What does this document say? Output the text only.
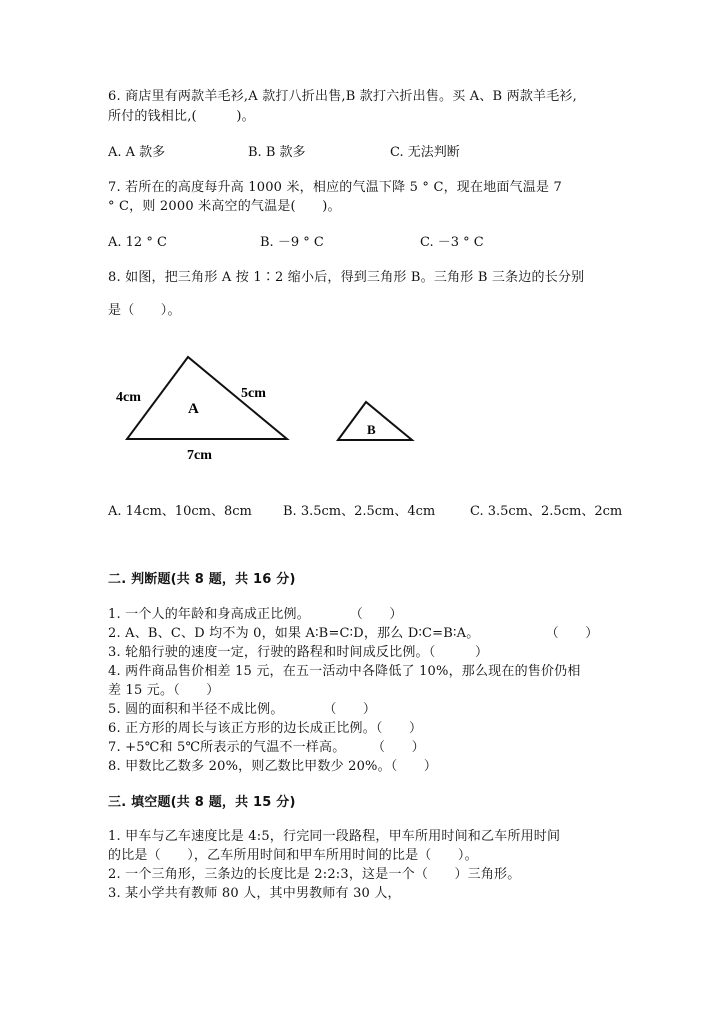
6. 商店里有两款羊毛衫,A 款打八折出售,B 款打六折出售。买 A、B 两款羊毛衫,
所付的钱相比,(　　　)。
A. A 款多	B. B 款多	C. 无法判断
7. 若所在的高度每升高 1000 米，相应的气温下降 5 ° C，现在地面气温是 7
° C，则 2000 米高空的气温是(　　)。
A. 12 ° C	B. －9 ° C	C. －3 ° C
8. 如图，把三角形 A 按 1∶2 缩小后，得到三角形 B。三角形 B 三条边的长分别
是（　　）。
4cm	5cm
7cm
A
B
A. 14cm、10cm、8cm B. 3.5cm、2.5cm、4cm	C. 3.5cm、2.5cm、2cm
二. 判断题(共 8 题，共 16 分)
1. 一个人的年龄和身高成正比例。　　　　（　　）
2. A、B、C、D 均不为 0，如果 A∶B=C∶D，那么 D∶C=B∶A。　　　　　　（　　）
3. 轮船行驶的速度一定，行驶的路程和时间成反比例。（　　　）
4. 两件商品售价相差 15 元，在五一活动中各降低了 10%，那么现在的售价仍相
差 15 元。（　　）
5. 圆的面积和半径不成比例。　　　　（　　）
6. 正方形的周长与该正方形的边长成正比例。（　　）
7. +5℃和 5℃所表示的气温不一样高。　　　（　　）
8. 甲数比乙数多 20%，则乙数比甲数少 20%。（　　）
三. 填空题(共 8 题，共 15 分)
1. 甲车与乙车速度比是 4:5，行完同一段路程，甲车所用时间和乙车所用时间
的比是（　　），乙车所用时间和甲车所用时间的比是（　　）。
2. 一个三角形，三条边的长度比是 2:2:3，这是一个（　　）三角形。
3. 某小学共有教师 80 人，其中男教师有 30 人，
